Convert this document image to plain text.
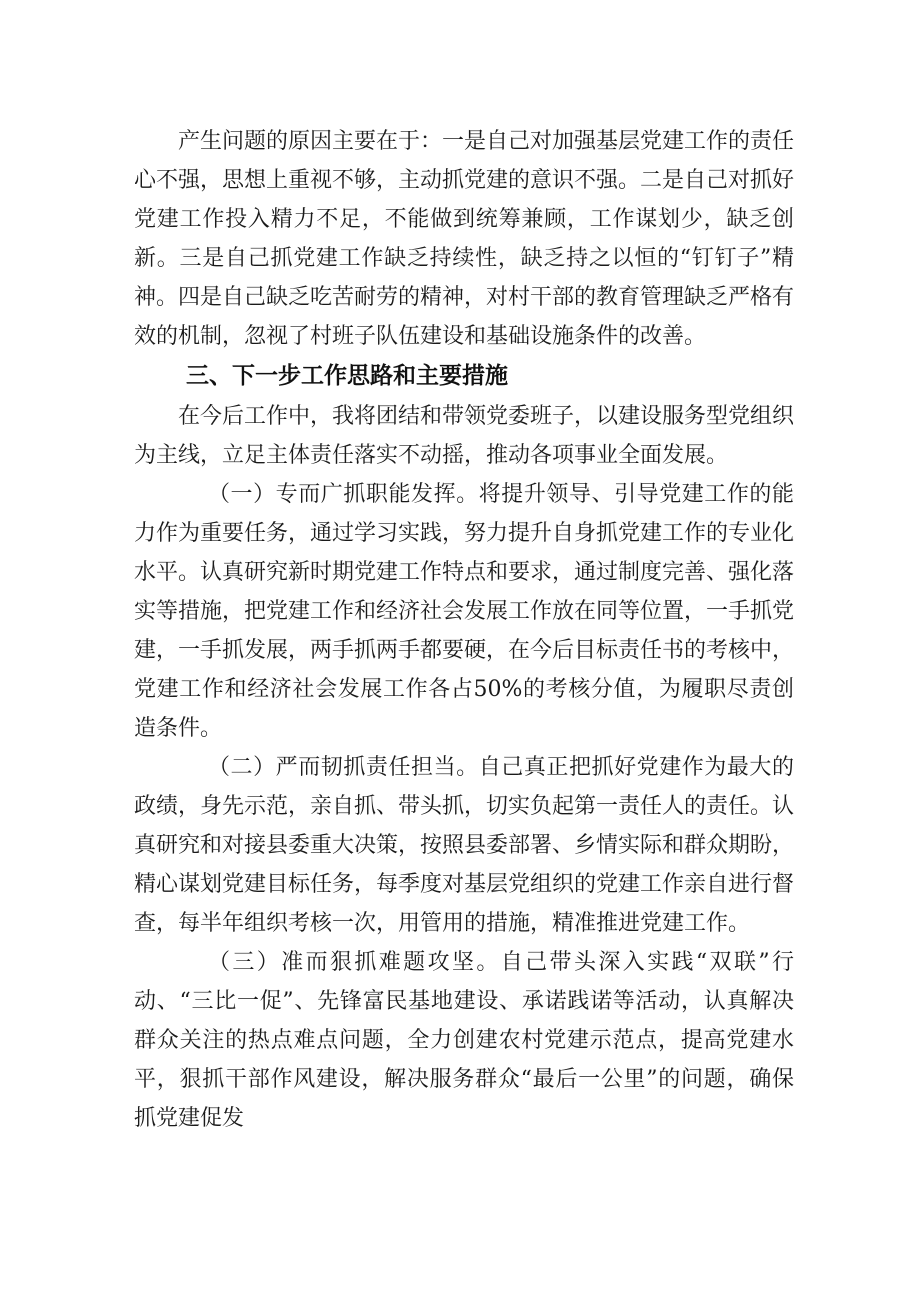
产生问题的原因主要在于：一是自己对加强基层党建工作的责任心不强，思想上重视不够，主动抓党建的意识不强。二是自己对抓好党建工作投入精力不足，不能做到统筹兼顾，工作谋划少，缺乏创新。三是自己抓党建工作缺乏持续性，缺乏持之以恒的“钉钉子”精神。四是自己缺乏吃苦耐劳的精神，对村干部的教育管理缺乏严格有效的机制，忽视了村班子队伍建设和基础设施条件的改善。

三、下一步工作思路和主要措施

在今后工作中，我将团结和带领党委班子，以建设服务型党组织为主线，立足主体责任落实不动摇，推动各项事业全面发展。

（一）专而广抓职能发挥。将提升领导、引导党建工作的能力作为重要任务，通过学习实践，努力提升自身抓党建工作的专业化水平。认真研究新时期党建工作特点和要求，通过制度完善、强化落实等措施，把党建工作和经济社会发展工作放在同等位置，一手抓党建，一手抓发展，两手抓两手都要硬，在今后目标责任书的考核中，党建工作和经济社会发展工作各占50%的考核分值，为履职尽责创造条件。

（二）严而韧抓责任担当。自己真正把抓好党建作为最大的政绩，身先示范，亲自抓、带头抓，切实负起第一责任人的责任。认真研究和对接县委重大决策，按照县委部署、乡情实际和群众期盼，精心谋划党建目标任务，每季度对基层党组织的党建工作亲自进行督查，每半年组织考核一次，用管用的措施，精准推进党建工作。

（三）准而狠抓难题攻坚。自己带头深入实践“双联”行动、“三比一促”、先锋富民基地建设、承诺践诺等活动，认真解决群众关注的热点难点问题，全力创建农村党建示范点，提高党建水平，狠抓干部作风建设，解决服务群众“最后一公里”的问题，确保抓党建促发
